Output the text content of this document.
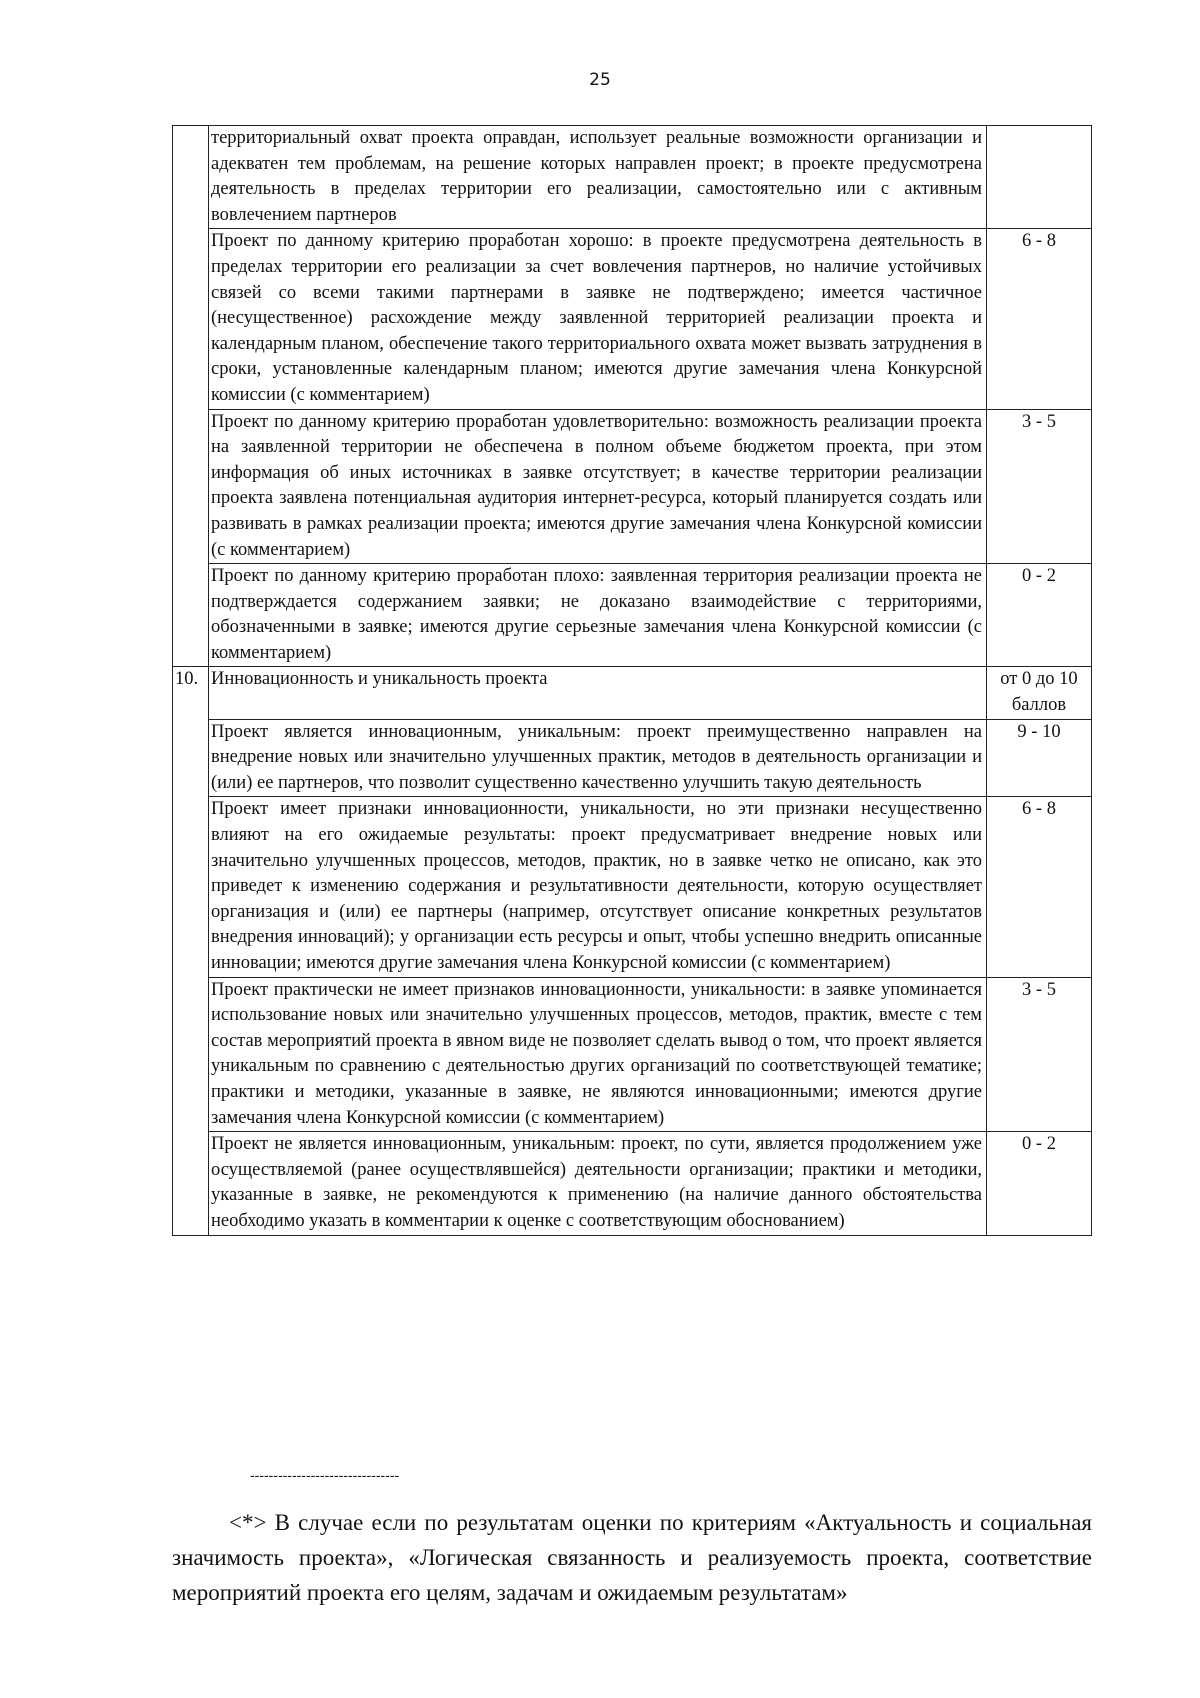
25
	территориальный охват проекта оправдан, использует реальные возможности организации и адекватен тем проблемам, на решение которых направлен проект; в проекте предусмотрена деятельность в пределах территории его реализации, самостоятельно или с активным вовлечением партнеров	
	Проект по данному критерию проработан хорошо: в проекте предусмотрена деятельность в пределах территории его реализации за счет вовлечения партнеров, но наличие устойчивых связей со всеми такими партнерами в заявке не подтверждено; имеется частичное (несущественное) расхождение между заявленной территорией реализации проекта и календарным планом, обеспечение такого территориального охвата может вызвать затруднения в сроки, установленные календарным планом; имеются другие замечания члена Конкурсной комиссии (с комментарием)	6 - 8
	Проект по данному критерию проработан удовлетворительно: возможность реализации проекта на заявленной территории не обеспечена в полном объеме бюджетом проекта, при этом информация об иных источниках в заявке отсутствует; в качестве территории реализации проекта заявлена потенциальная аудитория интернет-ресурса, который планируется создать или развивать в рамках реализации проекта; имеются другие замечания члена Конкурсной комиссии (с комментарием)	3 - 5
	Проект по данному критерию проработан плохо: заявленная территория реализации проекта не подтверждается содержанием заявки; не доказано взаимодействие с территориями, обозначенными в заявке; имеются другие серьезные замечания члена Конкурсной комиссии (с комментарием)	0 - 2
10.	Инновационность и уникальность проекта	от 0 до 10 баллов
	Проект является инновационным, уникальным: проект преимущественно направлен на внедрение новых или значительно улучшенных практик, методов в деятельность организации и (или) ее партнеров, что позволит существенно качественно улучшить такую деятельность	9 - 10
	Проект имеет признаки инновационности, уникальности, но эти признаки несущественно влияют на его ожидаемые результаты: проект предусматривает внедрение новых или значительно улучшенных процессов, методов, практик, но в заявке четко не описано, как это приведет к изменению содержания и результативности деятельности, которую осуществляет организация и (или) ее партнеры (например, отсутствует описание конкретных результатов внедрения инноваций); у организации есть ресурсы и опыт, чтобы успешно внедрить описанные инновации; имеются другие замечания члена Конкурсной комиссии (с комментарием)	6 - 8
	Проект практически не имеет признаков инновационности, уникальности: в заявке упоминается использование новых или значительно улучшенных процессов, методов, практик, вместе с тем состав мероприятий проекта в явном виде не позволяет сделать вывод о том, что проект является уникальным по сравнению с деятельностью других организаций по соответствующей тематике; практики и методики, указанные в заявке, не являются инновационными; имеются другие замечания члена Конкурсной комиссии (с комментарием)	3 - 5
	Проект не является инновационным, уникальным: проект, по сути, является продолжением уже осуществляемой (ранее осуществлявшейся) деятельности организации; практики и методики, указанные в заявке, не рекомендуются к применению (на наличие данного обстоятельства необходимо указать в комментарии к оценке с соответствующим обоснованием)	0 - 2
--------------------------------

<*> В случае если по результатам оценки по критериям «Актуальность и социальная значимость проекта», «Логическая связанность и реализуемость проекта, соответствие мероприятий проекта его целям, задачам и ожидаемым результатам»
